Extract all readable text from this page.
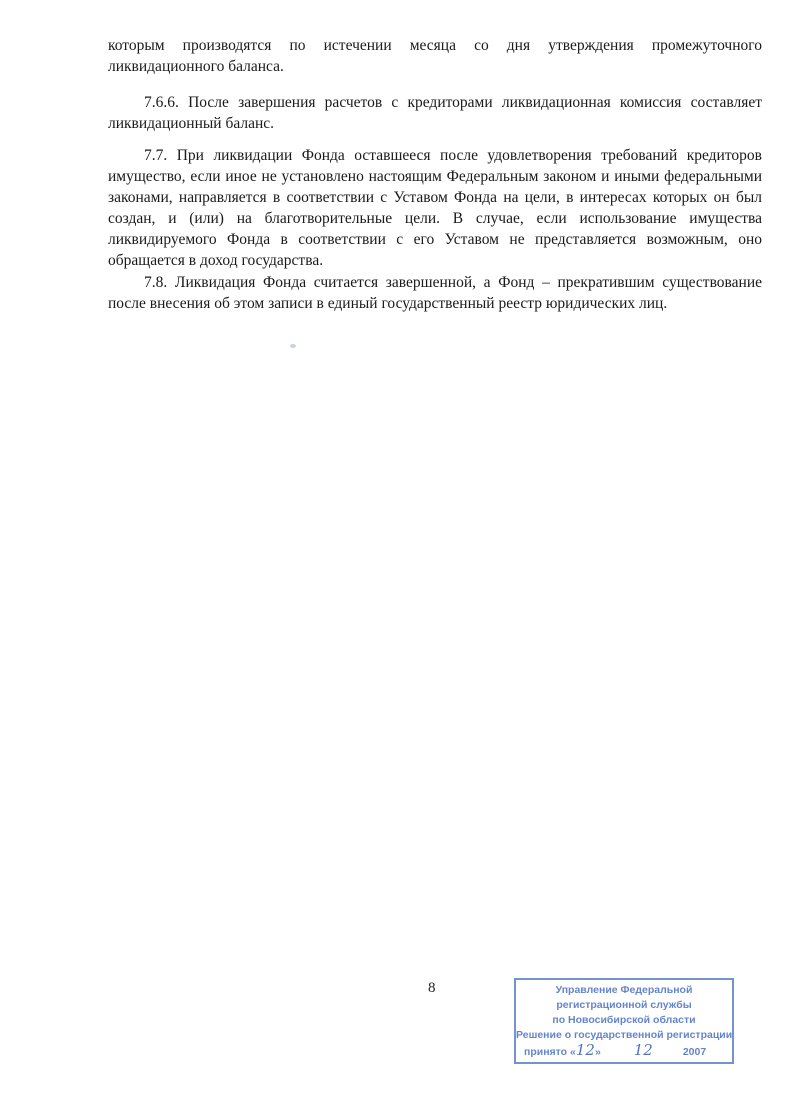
которым производятся по истечении месяца со дня утверждения промежуточного ликвидационного баланса.

7.6.6. После завершения расчетов с кредиторами ликвидационная комиссия составляет ликвидационный баланс.

7.7. При ликвидации Фонда оставшееся после удовлетворения требований кредиторов имущество, если иное не установлено настоящим Федеральным законом и иными федеральными законами, направляется в соответствии с Уставом Фонда на цели, в интересах которых он был создан, и (или) на благотворительные цели. В случае, если использование имущества ликвидируемого Фонда в соответствии с его Уставом не представляется возможным, оно обращается в доход государства.

7.8. Ликвидация Фонда считается завершенной, а Фонд – прекратившим существование после внесения об этом записи в единый государственный реестр юридических лиц.

8	Управление Федеральной
регистрационной службы
по Новосибирской области
Решение о государственной регистрации
принято «12» 12	2007
